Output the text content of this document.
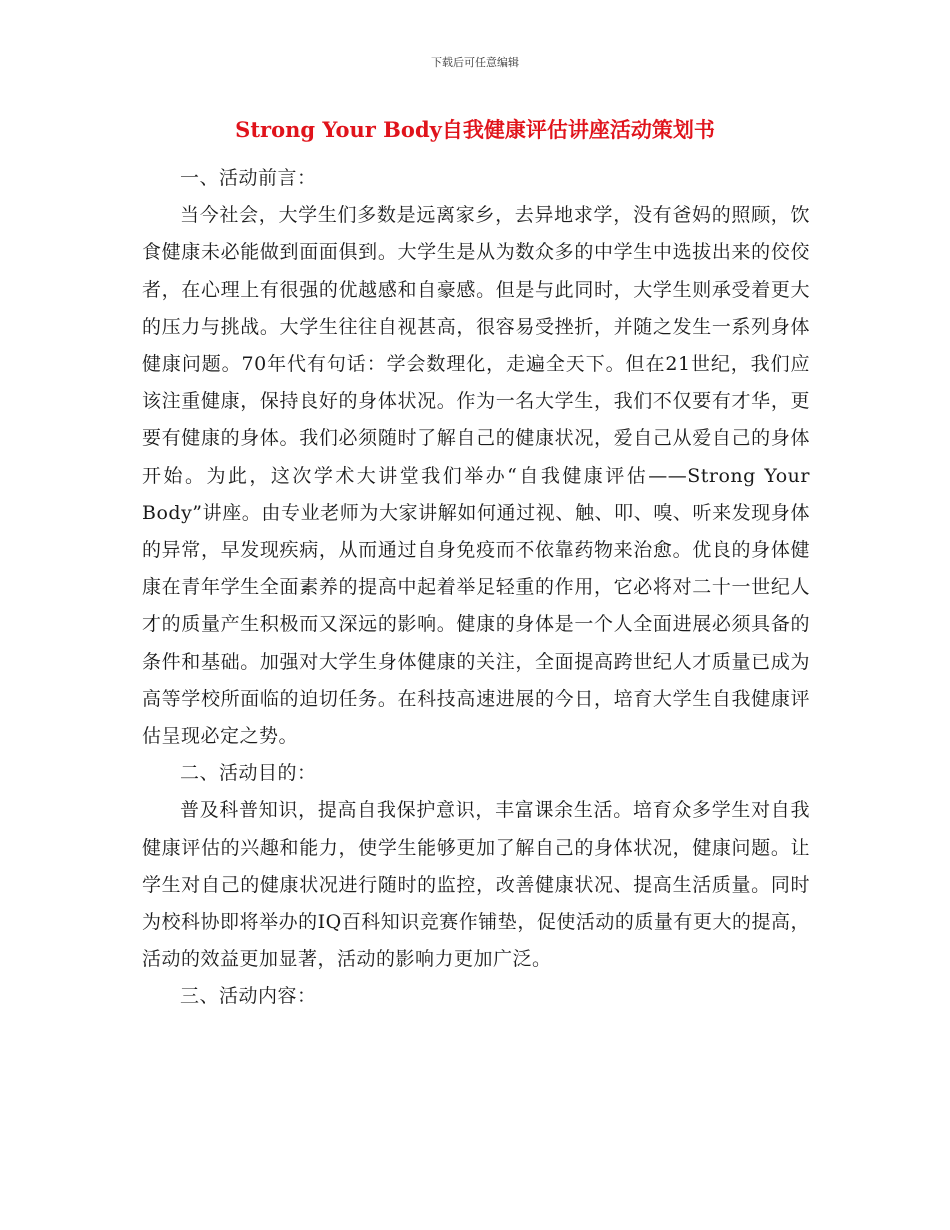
下载后可任意编辑
Strong Your Body自我健康评估讲座活动策划书

一、活动前言：

当今社会，大学生们多数是远离家乡，去异地求学，没有爸妈的照顾，饮食健康未必能做到面面俱到。大学生是从为数众多的中学生中选拔出来的佼佼者，在心理上有很强的优越感和自豪感。但是与此同时，大学生则承受着更大的压力与挑战。大学生往往自视甚高，很容易受挫折，并随之发生一系列身体健康问题。70年代有句话：学会数理化，走遍全天下。但在21世纪，我们应该注重健康，保持良好的身体状况。作为一名大学生，我们不仅要有才华，更要有健康的身体。我们必须随时了解自己的健康状况，爱自己从爱自己的身体开始。为此，这次学术大讲堂我们举办“自我健康评估——Strong Your Body”讲座。由专业老师为大家讲解如何通过视、触、叩、嗅、听来发现身体的异常，早发现疾病，从而通过自身免疫而不依靠药物来治愈。优良的身体健康在青年学生全面素养的提高中起着举足轻重的作用，它必将对二十一世纪人才的质量产生积极而又深远的影响。健康的身体是一个人全面进展必须具备的条件和基础。加强对大学生身体健康的关注，全面提高跨世纪人才质量已成为高等学校所面临的迫切任务。在科技高速进展的今日，培育大学生自我健康评估呈现必定之势。

二、活动目的：

普及科普知识，提高自我保护意识，丰富课余生活。培育众多学生对自我健康评估的兴趣和能力，使学生能够更加了解自己的身体状况，健康问题。让学生对自己的健康状况进行随时的监控，改善健康状况、提高生活质量。同时为校科协即将举办的IQ百科知识竞赛作铺垫，促使活动的质量有更大的提高，活动的效益更加显著，活动的影响力更加广泛。

三、活动内容：
